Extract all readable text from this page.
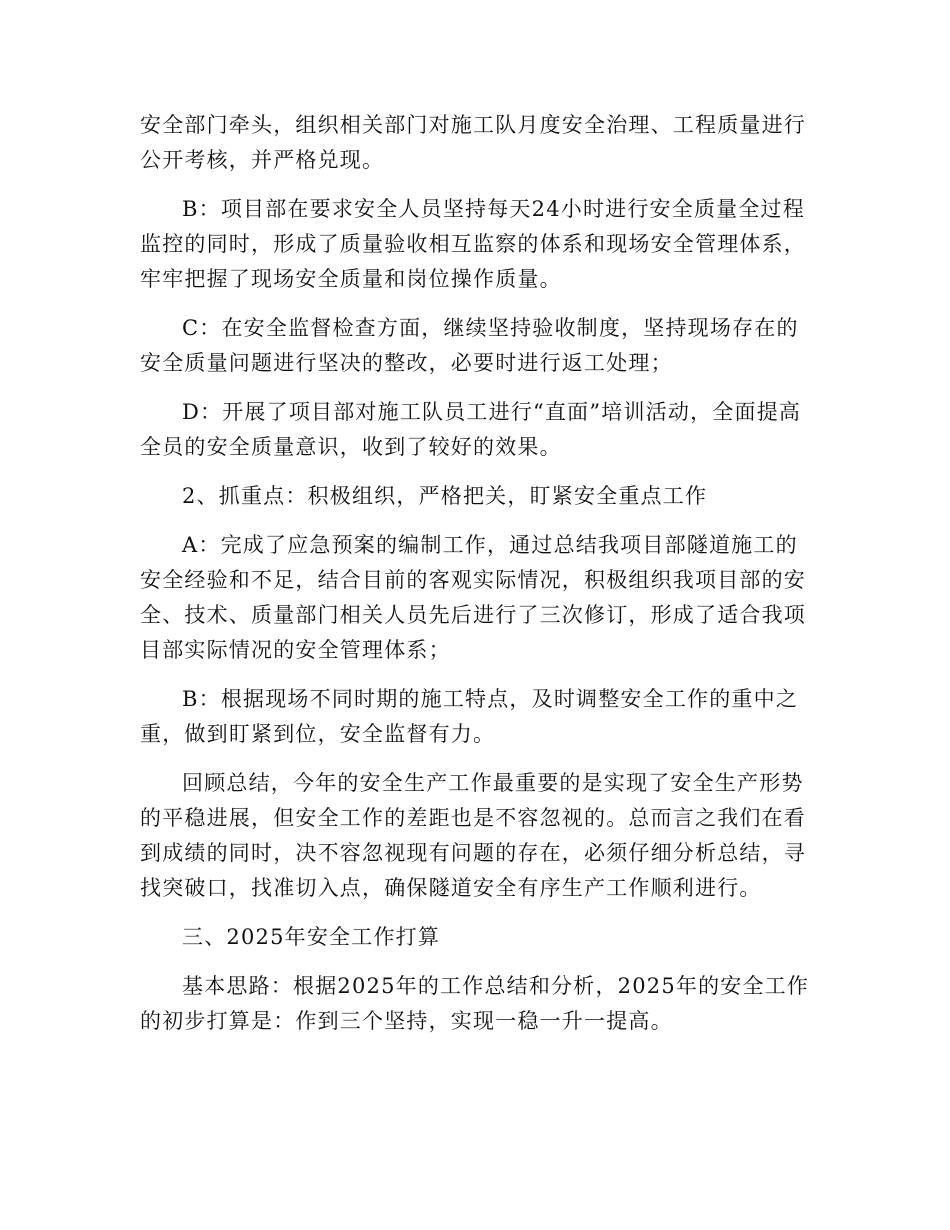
安全部门牵头，组织相关部门对施工队月度安全治理、工程质量进行公开考核，并严格兑现。

B：项目部在要求安全人员坚持每天24小时进行安全质量全过程监控的同时，形成了质量验收相互监察的体系和现场安全管理体系，牢牢把握了现场安全质量和岗位操作质量。

C：在安全监督检查方面，继续坚持验收制度，坚持现场存在的安全质量问题进行坚决的整改，必要时进行返工处理；

D：开展了项目部对施工队员工进行“直面”培训活动，全面提高全员的安全质量意识，收到了较好的效果。

2、抓重点：积极组织，严格把关，盯紧安全重点工作

A：完成了应急预案的编制工作，通过总结我项目部隧道施工的安全经验和不足，结合目前的客观实际情况，积极组织我项目部的安全、技术、质量部门相关人员先后进行了三次修订，形成了适合我项目部实际情况的安全管理体系；

B：根据现场不同时期的施工特点，及时调整安全工作的重中之重，做到盯紧到位，安全监督有力。

回顾总结，今年的安全生产工作最重要的是实现了安全生产形势的平稳进展，但安全工作的差距也是不容忽视的。总而言之我们在看到成绩的同时，决不容忽视现有问题的存在，必须仔细分析总结，寻找突破口，找准切入点，确保隧道安全有序生产工作顺利进行。

三、2025年安全工作打算

基本思路：根据2025年的工作总结和分析，2025年的安全工作的初步打算是：作到三个坚持，实现一稳一升一提高。
